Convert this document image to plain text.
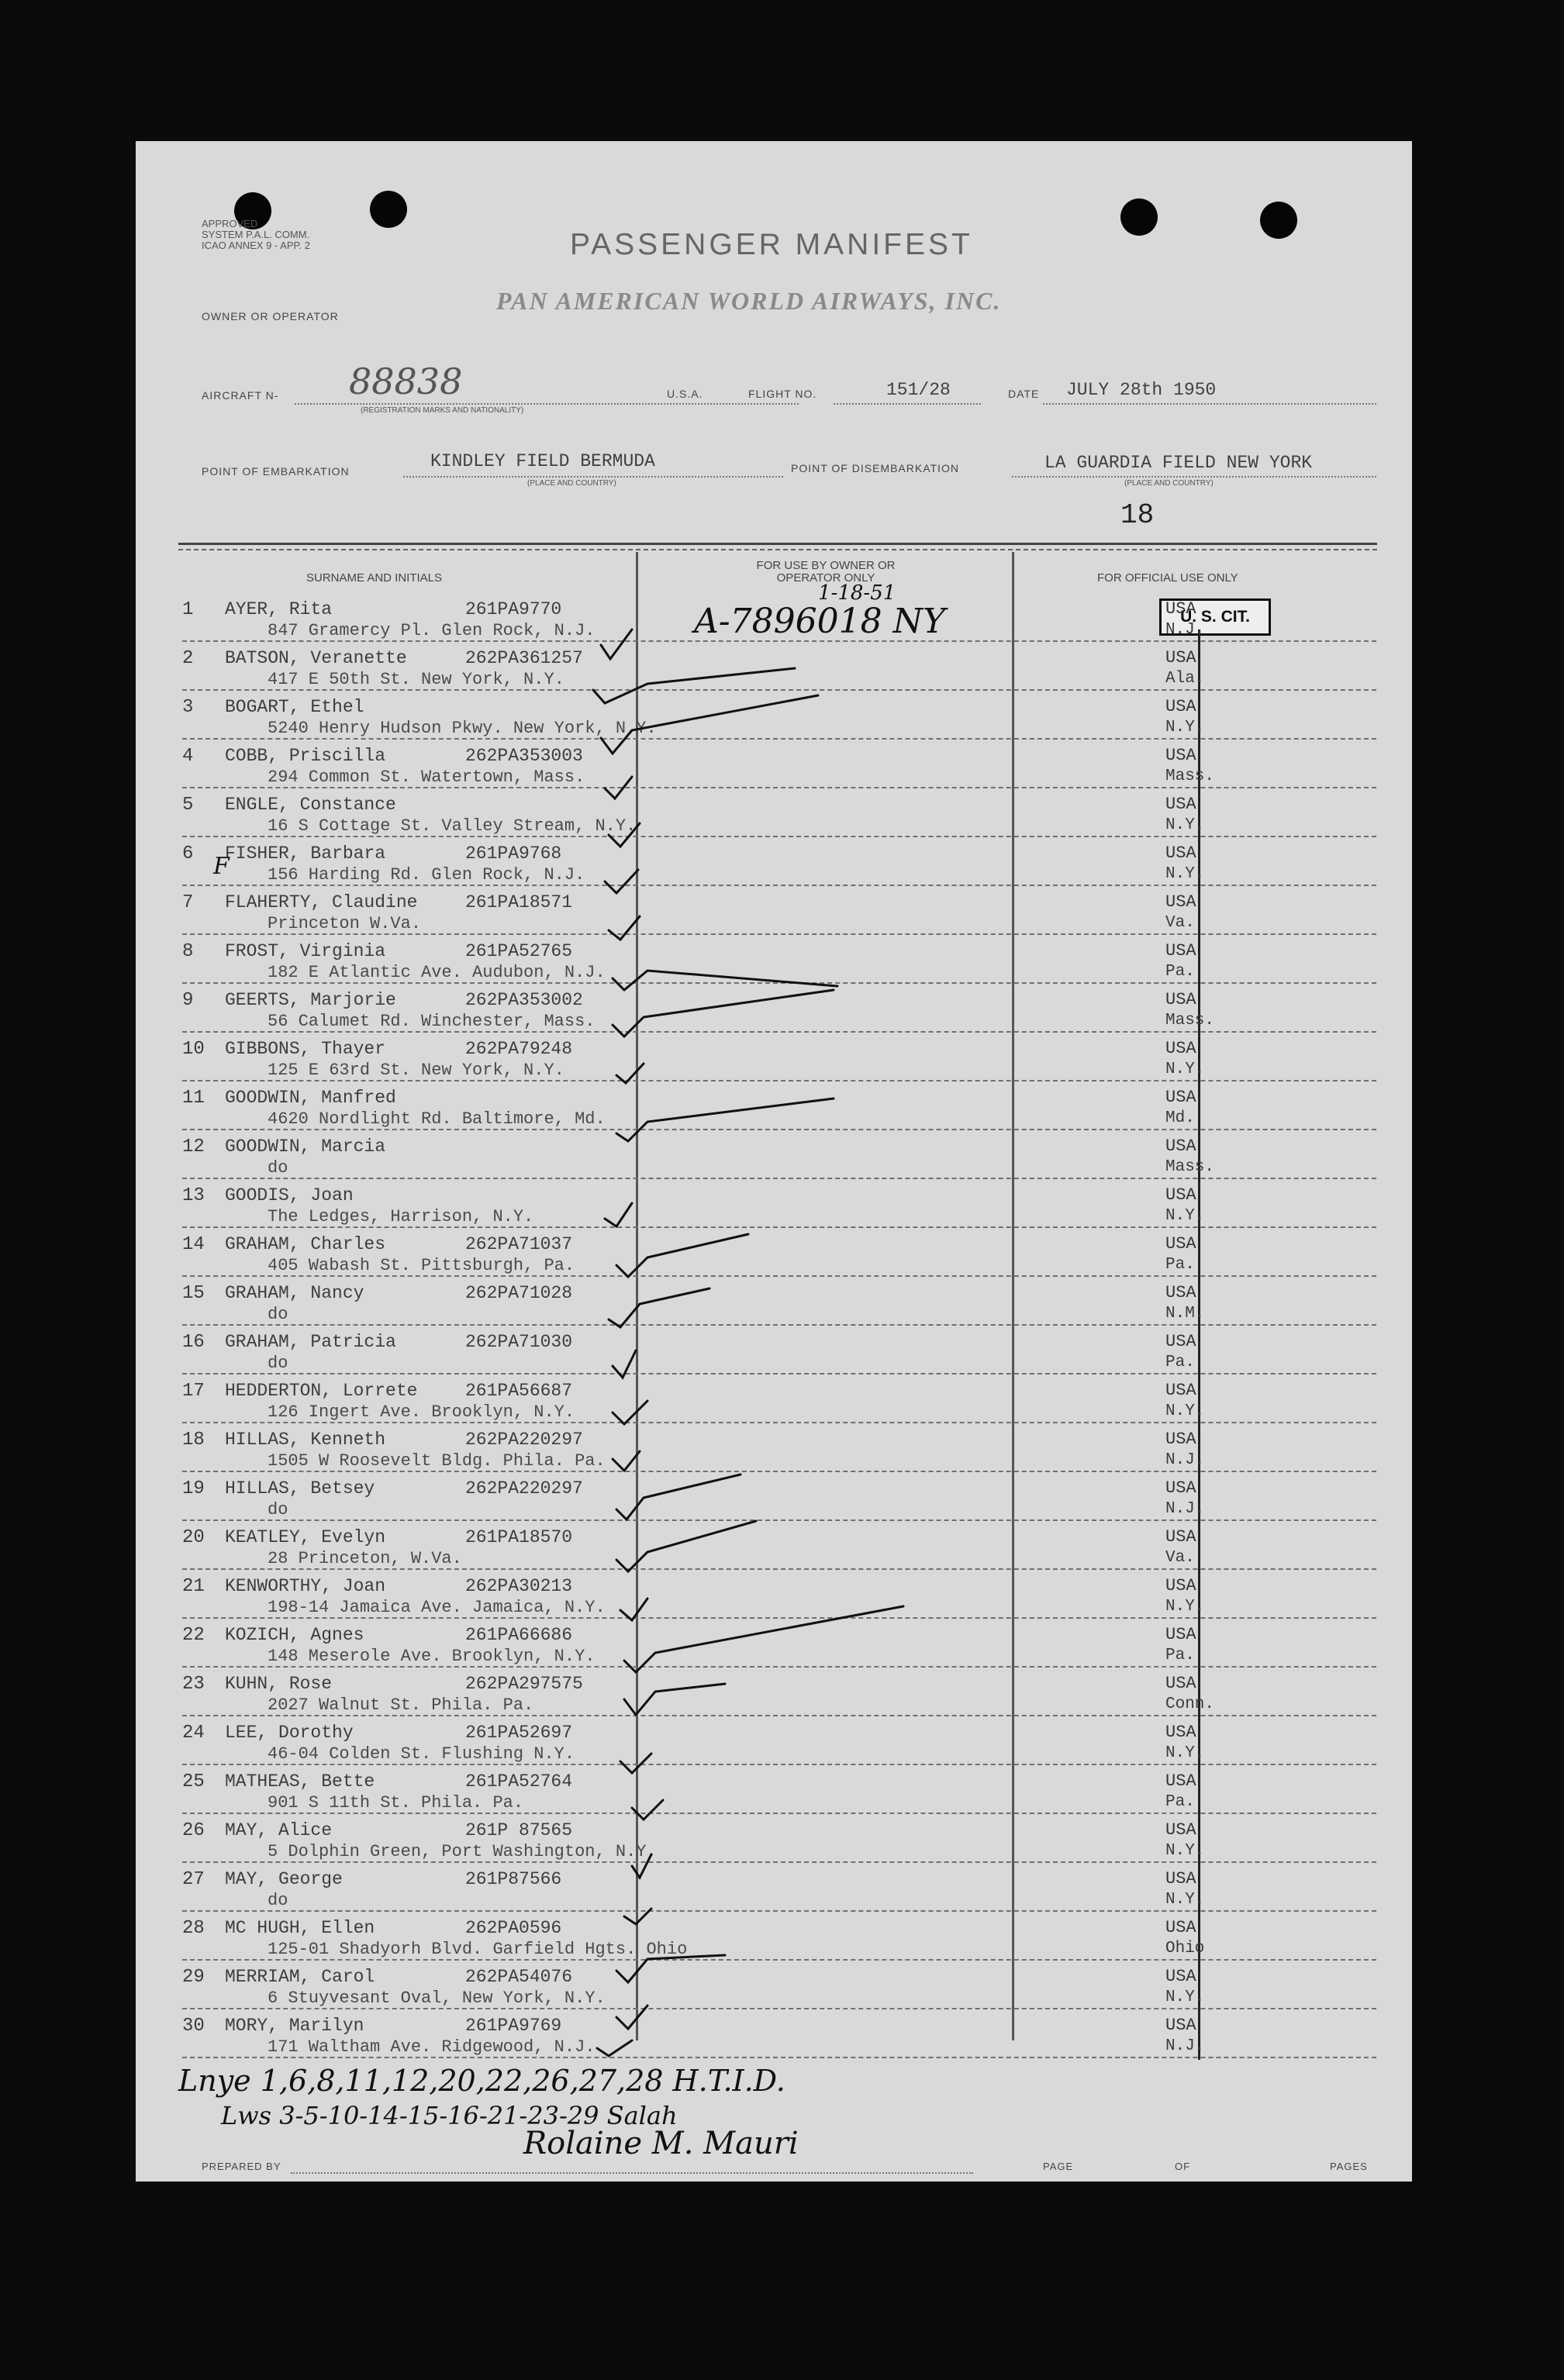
APPROVED
SYSTEM P.A.L. COMM.
ICAO ANNEX 9 - APP. 2	PASSENGER MANIFEST
OWNER OR OPERATOR
PAN AMERICAN WORLD AIRWAYS, INC.
AIRCRAFT N- 88838
(REGISTRATION MARKS AND NATIONALITY)
U.S.A.	FLIGHT NO.	151/28	DATE JULY 28th 1950
POINT OF EMBARKATION	KINDLEY FIELD BERMUDA
(PLACE AND COUNTRY)
POINT OF DISEMBARKATION	LA GUARDIA FIELD NEW YORK
(PLACE AND COUNTRY)
18
SURNAME AND INITIALS
FOR USE BY OWNER OR OPERATOR ONLY	FOR OFFICIAL USE ONLY
U. S. CIT.
1	AYER, Rita	261PA9770
847 Gramercy Pl. Glen Rock, N.J.
USA
N.J.
2	BATSON, Veranette	262PA361257
417 E 50th St. New York, N.Y.
USA
Ala.
3	BOGART, Ethel
5240 Henry Hudson Pkwy. New York, N.Y.
USA
N.Y.
4	COBB, Priscilla	262PA353003
294 Common St. Watertown, Mass.
USA
Mass.
5	ENGLE, Constance
16 S Cottage St. Valley Stream, N.Y.
USA
N.Y.
6	FISHER, Barbara	261PA9768
156 Harding Rd. Glen Rock, N.J.
USA
N.Y.
7	FLAHERTY, Claudine	261PA18571
Princeton W.Va.
USA
Va.
8	FROST, Virginia	261PA52765
182 E Atlantic Ave. Audubon, N.J.
USA
Pa.
9	GEERTS, Marjorie	262PA353002
56 Calumet Rd. Winchester, Mass.
USA
Mass.
10	GIBBONS, Thayer	262PA79248
125 E 63rd St. New York, N.Y.
USA
N.Y.
11	GOODWIN, Manfred
4620 Nordlight Rd. Baltimore, Md.
USA
Md.
12	GOODWIN, Marcia
do
USA
Mass.
13	GOODIS, Joan
The Ledges, Harrison, N.Y.
USA
N.Y.
14	GRAHAM, Charles	262PA71037
405 Wabash St. Pittsburgh, Pa.
USA
Pa.
15	GRAHAM, Nancy	262PA71028
do
USA
N.M.
16	GRAHAM, Patricia	262PA71030
do
USA
Pa.
17	HEDDERTON, Lorrete	261PA56687
126 Ingert Ave. Brooklyn, N.Y.
USA
N.Y.
18	HILLAS, Kenneth	262PA220297
1505 W Roosevelt Bldg. Phila. Pa.
USA
N.J.
19	HILLAS, Betsey	262PA220297
do
USA
N.J.
20	KEATLEY, Evelyn	261PA18570
28 Princeton, W.Va.
USA
Va.
21	KENWORTHY, Joan	262PA30213
198-14 Jamaica Ave. Jamaica, N.Y.
USA
N.Y.
22	KOZICH, Agnes	261PA66686
148 Meserole Ave. Brooklyn, N.Y.
USA
Pa.
23	KUHN, Rose	262PA297575
2027 Walnut St. Phila. Pa.
USA
Conn.
24	LEE, Dorothy	261PA52697
46-04 Colden St. Flushing N.Y.
USA
N.Y.
25	MATHEAS, Bette	261PA52764
901 S 11th St. Phila. Pa.
USA
Pa.
26	MAY, Alice	261P 87565
5 Dolphin Green, Port Washington, N.Y.
USA
N.Y.
27	MAY, George	261P87566
do
USA
N.Y.
28	MC HUGH, Ellen	262PA0596
125-01 Shadyorh Blvd. Garfield Hgts. Ohio
USA
Ohio
29	MERRIAM, Carol	262PA54076
6 Stuyvesant Oval, New York, N.Y.
USA
N.Y.
30	MORY, Marilyn	261PA9769
171 Waltham Ave. Ridgewood, N.J.
USA
N.J.
1-18-51
A-7896018 NY
F
Lnye 1,6,8,11,12,20,22,26,27,28 H.T.I.D.
Lws 3-5-10-14-15-16-21-23-29 Salah
Rolaine M. Mauri
PREPARED BY	PAGE	OF	PAGES
